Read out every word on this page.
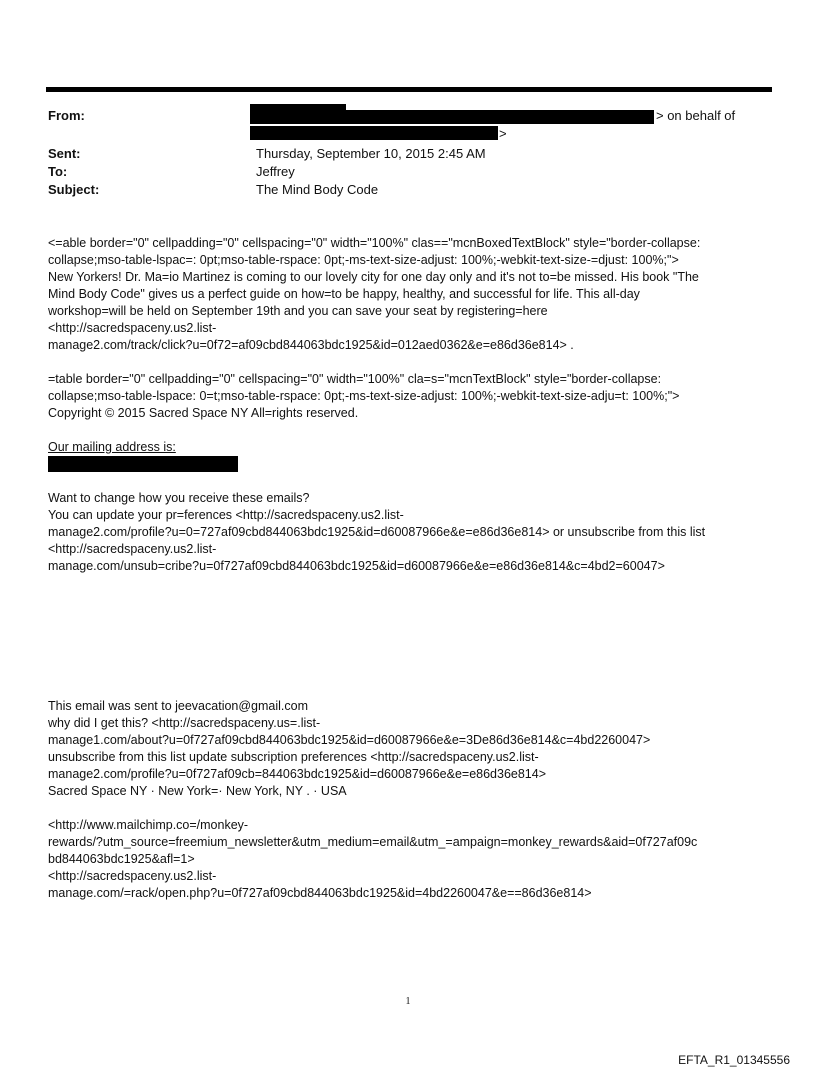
From:	> on behalf of
>
Sent:	Thursday, September 10, 2015 2:45 AM
To:	Jeffrey
Subject:	The Mind Body Code

<=able border="0" cellpadding="0" cellspacing="0" width="100%" clas=="mcnBoxedTextBlock" style="border-collapse:
collapse;mso-table-lspac=: 0pt;mso-table-rspace: 0pt;-ms-text-size-adjust: 100%;-webkit-text-size-=djust: 100%;">
New Yorkers! Dr. Ma=io Martinez is coming to our lovely city for one day only and it's not to=be missed. His book "The
Mind Body Code" gives us a perfect guide on how=to be happy, healthy, and successful for life. This all-day
workshop=will be held on September 19th and you can save your seat by registering=here
<http://sacredspaceny.us2.list-
manage2.com/track/click?u=0f72=af09cbd844063bdc1925&id=012aed0362&e=e86d36e814> .

=table border="0" cellpadding="0" cellspacing="0" width="100%" cla=s="mcnTextBlock" style="border-collapse:
collapse;mso-table-lspace: 0=t;mso-table-rspace: 0pt;-ms-text-size-adjust: 100%;-webkit-text-size-adju=t: 100%;">
Copyright © 2015 Sacred Space NY All=rights reserved.

Our mailing address is:

Want to change how you receive these emails?
You can update your pr=ferences <http://sacredspaceny.us2.list-
manage2.com/profile?u=0=727af09cbd844063bdc1925&id=d60087966e&e=e86d36e814> or unsubscribe from this list
<http://sacredspaceny.us2.list-
manage.com/unsub=cribe?u=0f727af09cbd844063bdc1925&id=d60087966e&e=e86d36e814&c=4bd2=60047>

This email was sent to jeevacation@gmail.com
why did I get this? <http://sacredspaceny.us=.list-
manage1.com/about?u=0f727af09cbd844063bdc1925&id=d60087966e&e=3De86d36e814&c=4bd2260047>
unsubscribe from this list update subscription preferences <http://sacredspaceny.us2.list-
manage2.com/profile?u=0f727af09cb=844063bdc1925&id=d60087966e&e=e86d36e814>
Sacred Space NY · New York=· New York, NY . · USA

<http://www.mailchimp.co=/monkey-
rewards/?utm_source=freemium_newsletter&utm_medium=email&utm_=ampaign=monkey_rewards&aid=0f727af09c
bd844063bdc1925&afl=1>
<http://sacredspaceny.us2.list-
manage.com/=rack/open.php?u=0f727af09cbd844063bdc1925&id=4bd2260047&e==86d36e814>

1
EFTA_R1_01345556
